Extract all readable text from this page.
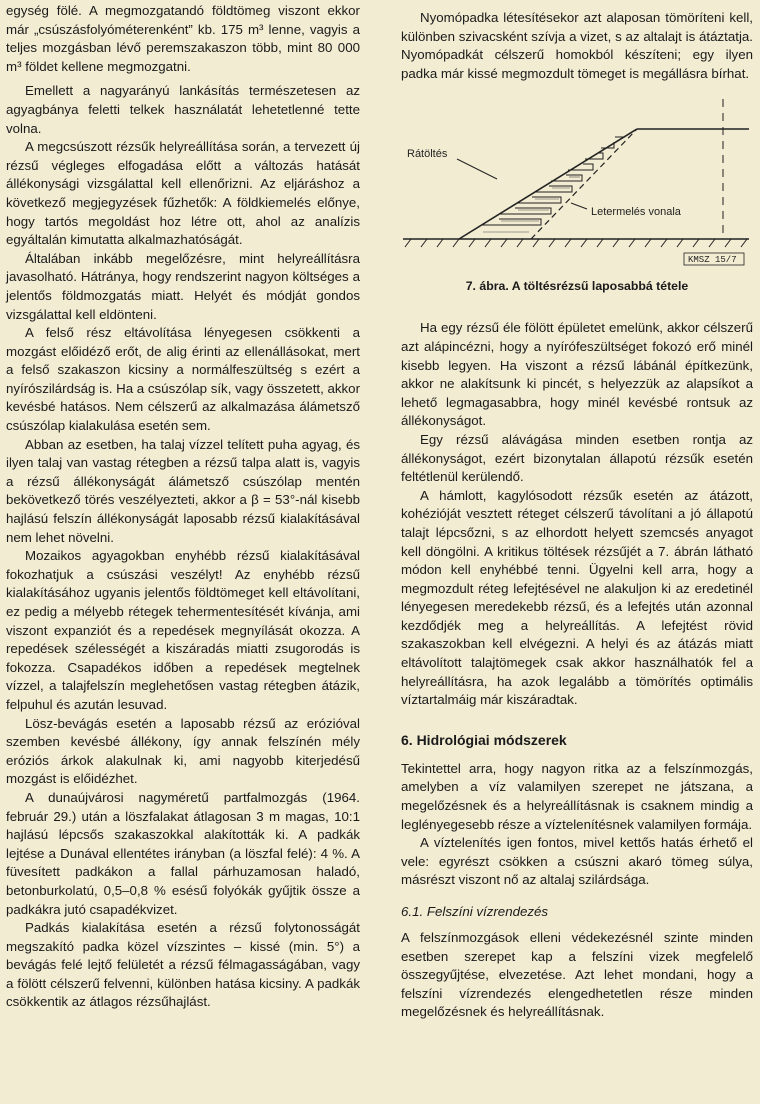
egység fölé. A megmozgatandó földtömeg viszont ekkor már „csúszásfolyóméterenként” kb. 175 m³ lenne, vagyis a teljes mozgásban lévő peremszakaszon több, mint 80 000 m³ földet kellene megmozgatni.

Emellett a nagyarányú lankásítás természetesen az agyagbánya feletti telkek használatát lehetetlenné tette volna.

A megcsúszott rézsűk helyreállítása során, a tervezett új rézsű végleges elfogadása előtt a változás hatását állékonysági vizsgálattal kell ellenőrizni. Az eljáráshoz a következő megjegyzések fűzhetők: A földkiemelés előnye, hogy tartós megoldást hoz létre ott, ahol az analízis egyáltalán kimutatta alkalmazhatóságát.

Általában inkább megelőzésre, mint helyreállításra javasolható. Hátránya, hogy rendszerint nagyon költséges a jelentős földmozgatás miatt. Helyét és módját gondos vizsgálattal kell eldönteni.

A felső rész eltávolítása lényegesen csökkenti a mozgást előidéző erőt, de alig érinti az ellenállásokat, mert a felső szakaszon kicsiny a normálfeszültség s ezért a nyírószilárdság is. Ha a csúszólap sík, vagy összetett, akkor kevésbé hatásos. Nem célszerű az alkalmazása álámetsző csúszólap kialakulása esetén sem.

Abban az esetben, ha talaj vízzel telített puha agyag, és ilyen talaj van vastag rétegben a rézsű talpa alatt is, vagyis a rézsű állékonyságát álámetsző csúszólap mentén bekövetkező törés veszélyezteti, akkor a β = 53°-nál kisebb hajlású felszín állékonyságát laposabb rézsű kialakításával nem lehet növelni.

Mozaikos agyagokban enyhébb rézsű kialakításával fokozhatjuk a csúszási veszélyt! Az enyhébb rézsű kialakításához ugyanis jelentős földtömeget kell eltávolítani, ez pedig a mélyebb rétegek tehermentesítését kívánja, ami viszont expanziót és a repedések megnyílását okozza. A repedések szélességét a kiszáradás miatti zsugorodás is fokozza. Csapadékos időben a repedések megtelnek vízzel, a talajfelszín meglehetősen vastag rétegben átázik, felpuhul és azután lesuvad.

Lösz-bevágás esetén a laposabb rézsű az erózióval szemben kevésbé állékony, így annak felszínén mély eróziós árkok alakulnak ki, ami nagyobb kiterjedésű mozgást is előidézhet.

A dunaújvárosi nagyméretű partfalmozgás (1964. február 29.) után a löszfalakat átlagosan 3 m magas, 10:1 hajlású lépcsős szakaszokkal alakították ki. A padkák lejtése a Dunával ellentétes irányban (a löszfal felé): 4 %. A füvesített padkákon a fallal párhuzamosan haladó, betonburkolatú, 0,5–0,8 % esésű folyókák gyűjtik össze a padkákra jutó csapadékvizet.

Padkás kialakítása esetén a rézsű folytonosságát megszakító padka közel vízszintes – kissé (min. 5°) a bevágás felé lejtő felületét a rézsű félmagasságában, vagy a fölött célszerű felvenni, különben hatása kicsiny. A padkák csökkentik az átlagos rézsűhajlást.

Nyomópadka létesítésekor azt alaposan tömöríteni kell, különben szivacsként szívja a vizet, s az altalajt is átáztatja. Nyomópadkát célszerű homokból készíteni; egy ilyen padka már kissé megmozdult tömeget is megállásra bírhat.

Rátöltés
Letermelés vonala
KMSZ 15/7
7. ábra. A töltésrézsű laposabbá tétele

Ha egy rézsű éle fölött épületet emelünk, akkor célszerű azt alápincézni, hogy a nyírófeszültséget fokozó erő minél kisebb legyen. Ha viszont a rézsű lábánál építkezünk, akkor ne alakítsunk ki pincét, s helyezzük az alapsíkot a lehető legmagasabbra, hogy minél kevésbé rontsuk az állékonyságot.

Egy rézsű alávágása minden esetben rontja az állékonyságot, ezért bizonytalan állapotú rézsűk esetén feltétlenül kerülendő.

A hámlott, kagylósodott rézsűk esetén az átázott, kohézióját vesztett réteget célszerű távolítani a jó állapotú talajt lépcsőzni, s az elhordott helyett szemcsés anyagot kell döngölni. A kritikus töltések rézsűjét a 7. ábrán látható módon kell enyhébbé tenni. Ügyelni kell arra, hogy a megmozdult réteg lefejtésével ne alakuljon ki az eredetinél lényegesen meredekebb rézsű, és a lefejtés után azonnal kezdődjék meg a helyreállítás. A lefejtést rövid szakaszokban kell elvégezni. A helyi és az átázás miatt eltávolított talajtömegek csak akkor használhatók fel a helyreállításra, ha azok legalább a tömörítés optimális víztartalmáig már kiszáradtak.

6. Hidrológiai módszerek

Tekintettel arra, hogy nagyon ritka az a felszínmozgás, amelyben a víz valamilyen szerepet ne játszana, a megelőzésnek és a helyreállításnak is csaknem mindig a leglényegesebb része a víztelenítésnek valamilyen formája.

A víztelenítés igen fontos, mivel kettős hatás érhető el vele: egyrészt csökken a csúszni akaró tömeg súlya, másrészt viszont nő az altalaj szilárdsága.

6.1. Felszíni vízrendezés

A felszínmozgások elleni védekezésnél szinte minden esetben szerepet kap a felszíni vizek megfelelő összegyűjtése, elvezetése. Azt lehet mondani, hogy a felszíni vízrendezés elengedhetetlen része minden megelőzésnek és helyreállításnak.
